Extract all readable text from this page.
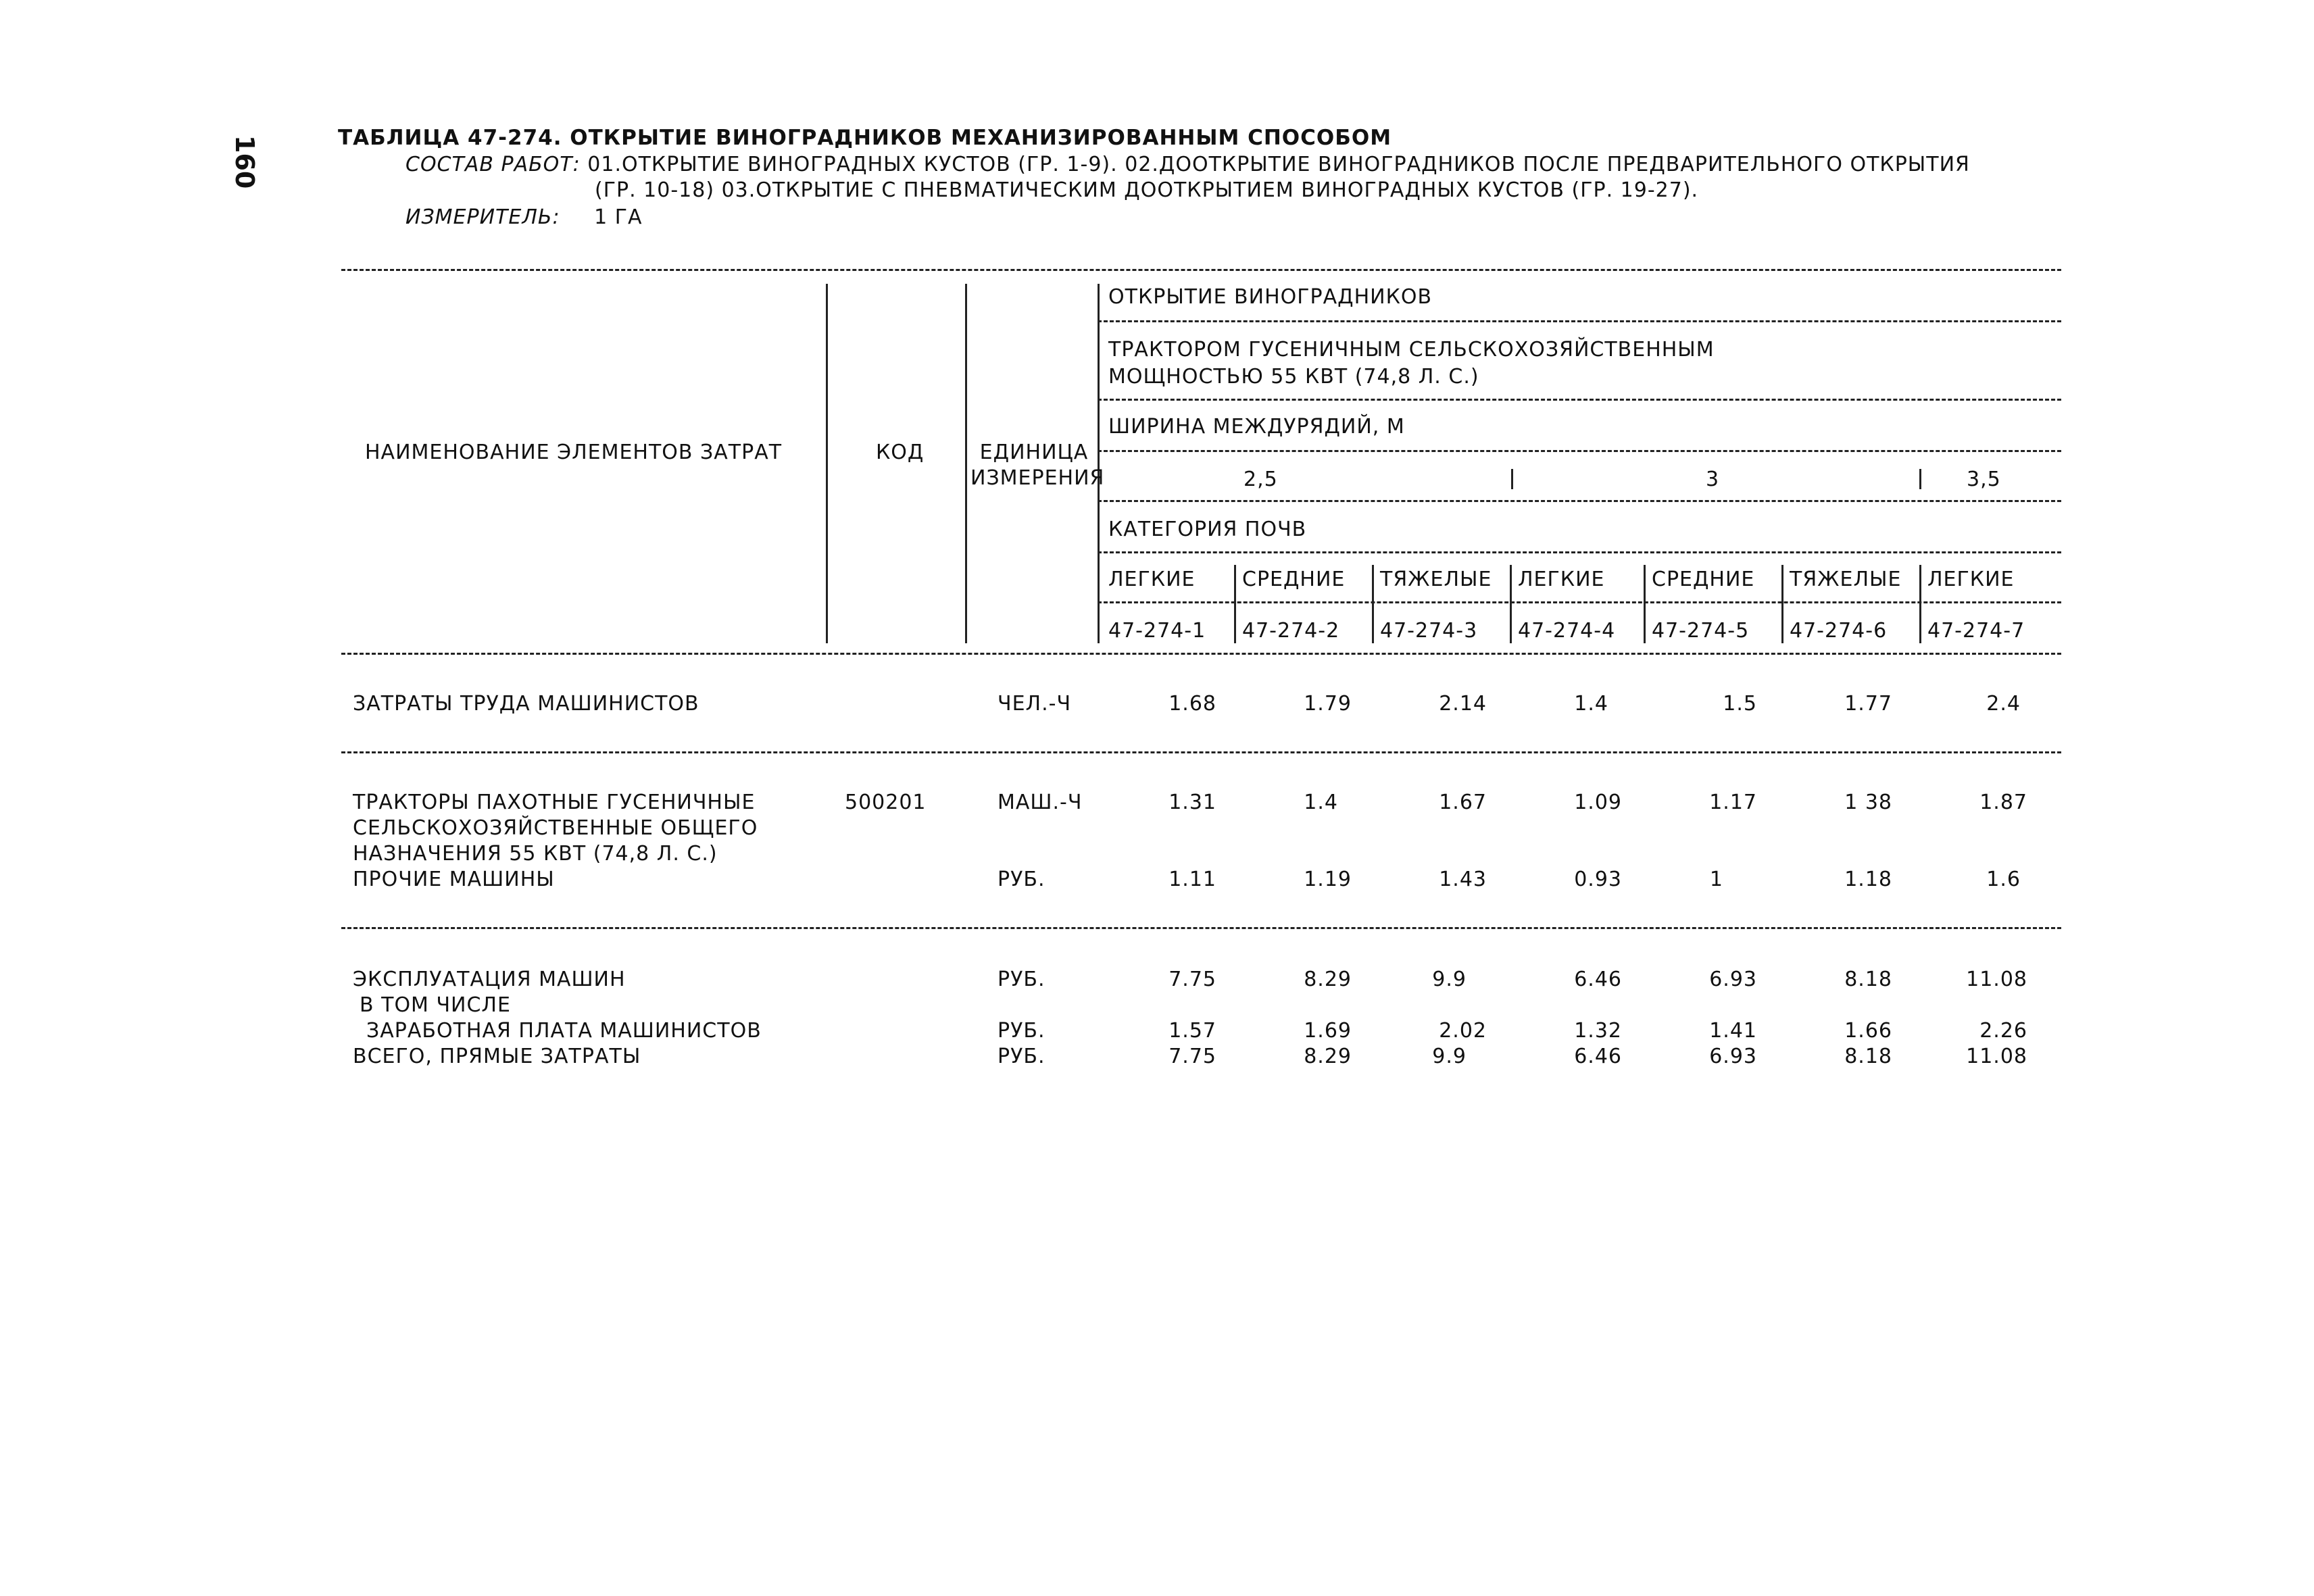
160	ТАБЛИЦА 47-274. ОТКРЫТИЕ ВИНОГРАДНИКОВ МЕХАНИЗИРОВАННЫМ СПОСОБОМ
СОСТАВ РАБОТ: 01.ОТКРЫТИЕ ВИНОГРАДНЫХ КУСТОВ (ГР. 1-9). 02.ДООТКРЫТИЕ ВИНОГРАДНИКОВ ПОСЛЕ ПРЕДВАРИТЕЛЬНОГО ОТКРЫТИЯ
(ГР. 10-18) 03.ОТКРЫТИЕ С ПНЕВМАТИЧЕСКИМ ДООТКРЫТИЕМ ВИНОГРАДНЫХ КУСТОВ (ГР. 19-27).
ИЗМЕРИТЕЛЬ: 1 ГА
НАИМЕНОВАНИЕ ЭЛЕМЕНТОВ ЗАТРАТ	КОД	ЕДИНИЦА
ИЗМЕРЕНИЯ
ОТКРЫТИЕ ВИНОГРАДНИКОВ
ТРАКТОРОМ ГУСЕНИЧНЫМ СЕЛЬСКОХОЗЯЙСТВЕННЫМ
МОЩНОСТЬЮ 55 КВТ (74,8 Л. С.)
ШИРИНА МЕЖДУРЯДИЙ, М
2,5	3	3,5
КАТЕГОРИЯ ПОЧВ
ЛЕГКИЕ СРЕДНИЕ ТЯЖЕЛЫЕ ЛЕГКИЕ СРЕДНИЕ ТЯЖЕЛЫЕ ЛЕГКИЕ
47-274-1 47-274-2 47-274-3 47-274-4 47-274-5 47-274-6 47-274-7
ЗАТРАТЫ ТРУДА МАШИНИСТОВ	ЧЕЛ.-Ч	1.68	1.79	2.14	1.4	1.5	1.77	2.4
ТРАКТОРЫ ПАХОТНЫЕ ГУСЕНИЧНЫЕ
СЕЛЬСКОХОЗЯЙСТВЕННЫЕ ОБЩЕГО
НАЗНАЧЕНИЯ 55 КВТ (74,8 Л. С.)
500201	МАШ.-Ч	1.31	1.4	1.67	1.09	1.17	1 38	1.87
ПРОЧИЕ МАШИНЫ	РУБ.	1.11	1.19	1.43	0.93	1	1.18	1.6
ЭКСПЛУАТАЦИЯ МАШИН	РУБ.	7.75	8.29	9.9	6.46	6.93	8.18	11.08
В ТОМ ЧИСЛЕ
ЗАРАБОТНАЯ ПЛАТА МАШИНИСТОВ	РУБ.	1.57	1.69	2.02	1.32	1.41	1.66	2.26
ВСЕГО, ПРЯМЫЕ ЗАТРАТЫ	РУБ.	7.75	8.29	9.9	6.46	6.93	8.18	11.08
